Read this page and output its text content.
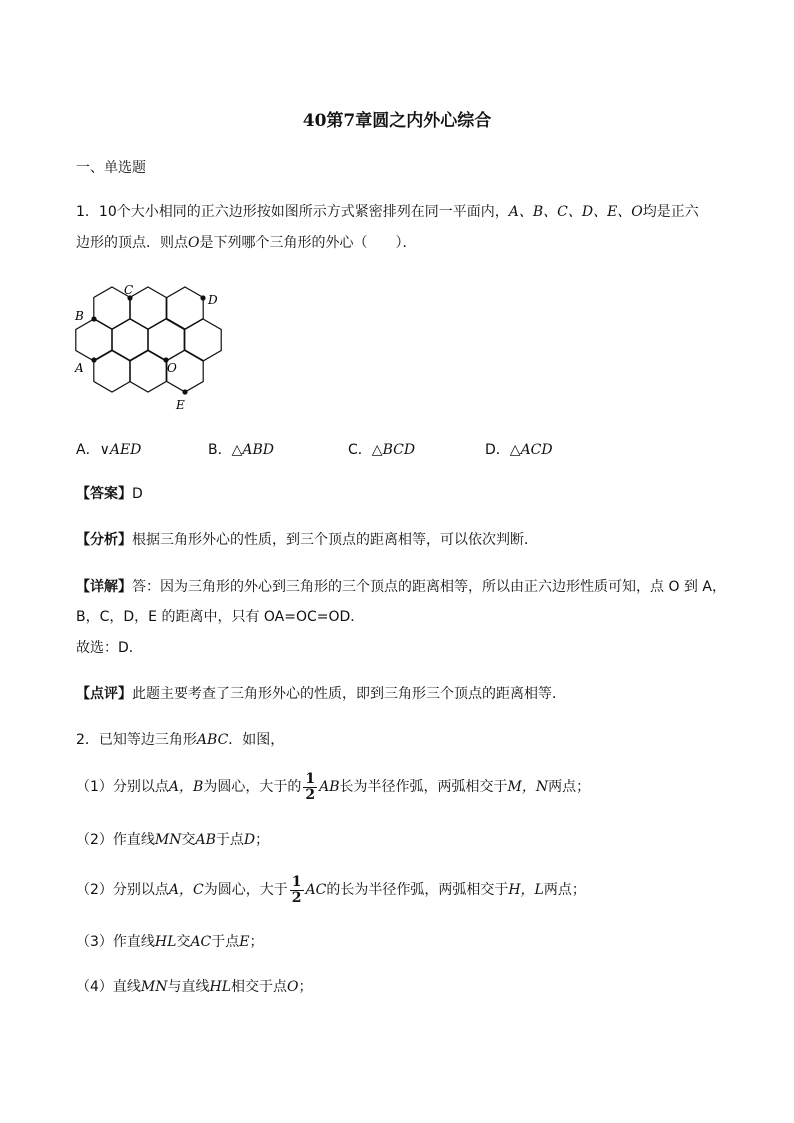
40第7章圆之内外心综合
一、单选题
1．10个大小相同的正六边形按如图所示方式紧密排列在同一平面内，A、B、C、D、E、O均是正六
边形的顶点．则点O是下列哪个三角形的外心（　　）．
C
D
B
A	O
E
A．∨AED	B．△ABD	C．△BCD	D．△ACD
【答案】D
【分析】根据三角形外心的性质，到三个顶点的距离相等，可以依次判断．
【详解】答：因为三角形的外心到三角形的三个顶点的距离相等，所以由正六边形性质可知，点 O 到 A，
B，C，D，E 的距离中，只有 OA=OC=OD．
故选：D．
【点评】此题主要考查了三角形外心的性质，即到三角形三个顶点的距离相等．
2．已知等边三角形ABC．如图，
（1）分别以点A，B为圆心，大于的 $\frac{1}{2}$ AB长为半径作弧，两弧相交于M，N两点；
（2）作直线MN交AB于点D；
（2）分别以点A，C为圆心，大于 $\frac{1}{2}$ AC的长为半径作弧，两弧相交于H，L两点；
（3）作直线HL交AC于点E；
（4）直线MN与直线HL相交于点O；
